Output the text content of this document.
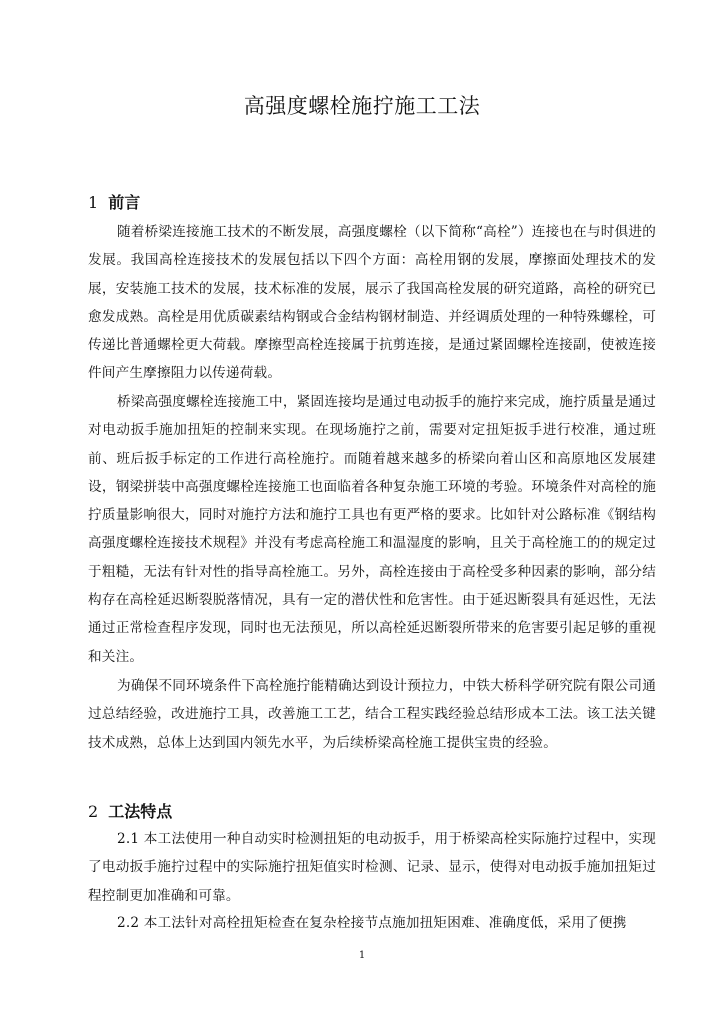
高强度螺栓施拧施工工法
1 前言

随着桥梁连接施工技术的不断发展，高强度螺栓（以下简称“高栓”）连接也在与时俱进的发展。我国高栓连接技术的发展包括以下四个方面：高栓用钢的发展，摩擦面处理技术的发展，安装施工技术的发展，技术标准的发展，展示了我国高栓发展的研究道路，高栓的研究已愈发成熟。高栓是用优质碳素结构钢或合金结构钢材制造、并经调质处理的一种特殊螺栓，可传递比普通螺栓更大荷载。摩擦型高栓连接属于抗剪连接，是通过紧固螺栓连接副，使被连接件间产生摩擦阻力以传递荷载。

桥梁高强度螺栓连接施工中，紧固连接均是通过电动扳手的施拧来完成，施拧质量是通过对电动扳手施加扭矩的控制来实现。在现场施拧之前，需要对定扭矩扳手进行校准，通过班前、班后扳手标定的工作进行高栓施拧。而随着越来越多的桥梁向着山区和高原地区发展建设，钢梁拼装中高强度螺栓连接施工也面临着各种复杂施工环境的考验。环境条件对高栓的施拧质量影响很大，同时对施拧方法和施拧工具也有更严格的要求。比如针对公路标准《钢结构高强度螺栓连接技术规程》并没有考虑高栓施工和温湿度的影响，且关于高栓施工的的规定过于粗糙，无法有针对性的指导高栓施工。另外，高栓连接由于高栓受多种因素的影响，部分结构存在高栓延迟断裂脱落情况，具有一定的潜伏性和危害性。由于延迟断裂具有延迟性，无法通过正常检查程序发现，同时也无法预见，所以高栓延迟断裂所带来的危害要引起足够的重视和关注。

为确保不同环境条件下高栓施拧能精确达到设计预拉力，中铁大桥科学研究院有限公司通过总结经验，改进施拧工具，改善施工工艺，结合工程实践经验总结形成本工法。该工法关键技术成熟，总体上达到国内领先水平，为后续桥梁高栓施工提供宝贵的经验。

2 工法特点

2.1 本工法使用一种自动实时检测扭矩的电动扳手，用于桥梁高栓实际施拧过程中，实现了电动扳手施拧过程中的实际施拧扭矩值实时检测、记录、显示，使得对电动扳手施加扭矩过程控制更加准确和可靠。

2.2 本工法针对高栓扭矩检查在复杂栓接节点施加扭矩困难、准确度低，采用了便携

1
